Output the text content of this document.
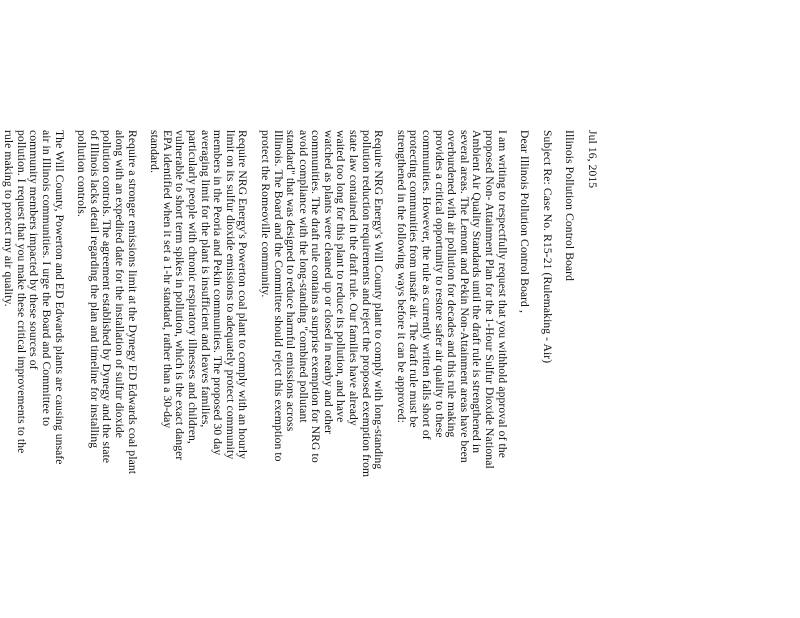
Jul 16, 2015
Illinois Pollution Control Board
Subject Re: Case No. R15-21 (Rulemaking - Air)
Dear Illinois Pollution Control Board ,
I am writing to respectfully request that you withhold approval of the
proposed Non- Attainment Plan for the 1-Hour Sulfur Dioxide National
Ambient Air Quality Standards until the draft rule is strengthened in
several areas. The Lemont and Pekin Non-Attainment areas have been
overburdened with air pollution for decades and this rule making
provides a critical opportunity to restore safer air quality to these
communities. However, the rule as currently written falls short of
protecting communities from unsafe air. The draft rule must be
strengthened in the following ways before it can be approved:
Require NRG Energy's Will County plant to comply with long-standing
pollution reduction requirements and reject the proposed exemption from
state law contained in the draft rule. Our families have already
waited too long for this plant to reduce its pollution, and have
watched as plants were cleaned up or closed in nearby and other
communities. The draft rule contains a surprise exemption for NRG to
avoid compliance with the long-standing "combined pollutant
standard" that was designed to reduce harmful emissions across
Illinois. The Board and the Committee should reject this exemption to
protect the Romeoville community.
Require NRG Energy's Powerton coal plant to comply with an hourly
limit on its sulfur dioxide emissions to adequately protect community
members in the Peoria and Pekin communities. The proposed 30 day
averaging limit for the plant is insufficient and leaves families,
particularly people with chronic respiratory illnesses and children,
vulnerable to short term spikes in pollution, which is the exact danger
EPA identified when it set a 1-hr standard, rather than a 30-day
standard.
Require a stronger emissions limit at the Dynegy ED Edwards coal plant
along with an expedited date for the installation of sulfur dioxide
pollution controls. The agreement established by Dynegy and the state
of Illinois lacks detail regarding the plan and timeline for installing
pollution controls.
The Will County, Powerton and ED Edwards plants are causing unsafe
air in Illinois communities. I urge the Board and Committee to
community members impacted by these sources of
pollution. I request that you make these critical improvements to the
rule making to protect my air quality.
